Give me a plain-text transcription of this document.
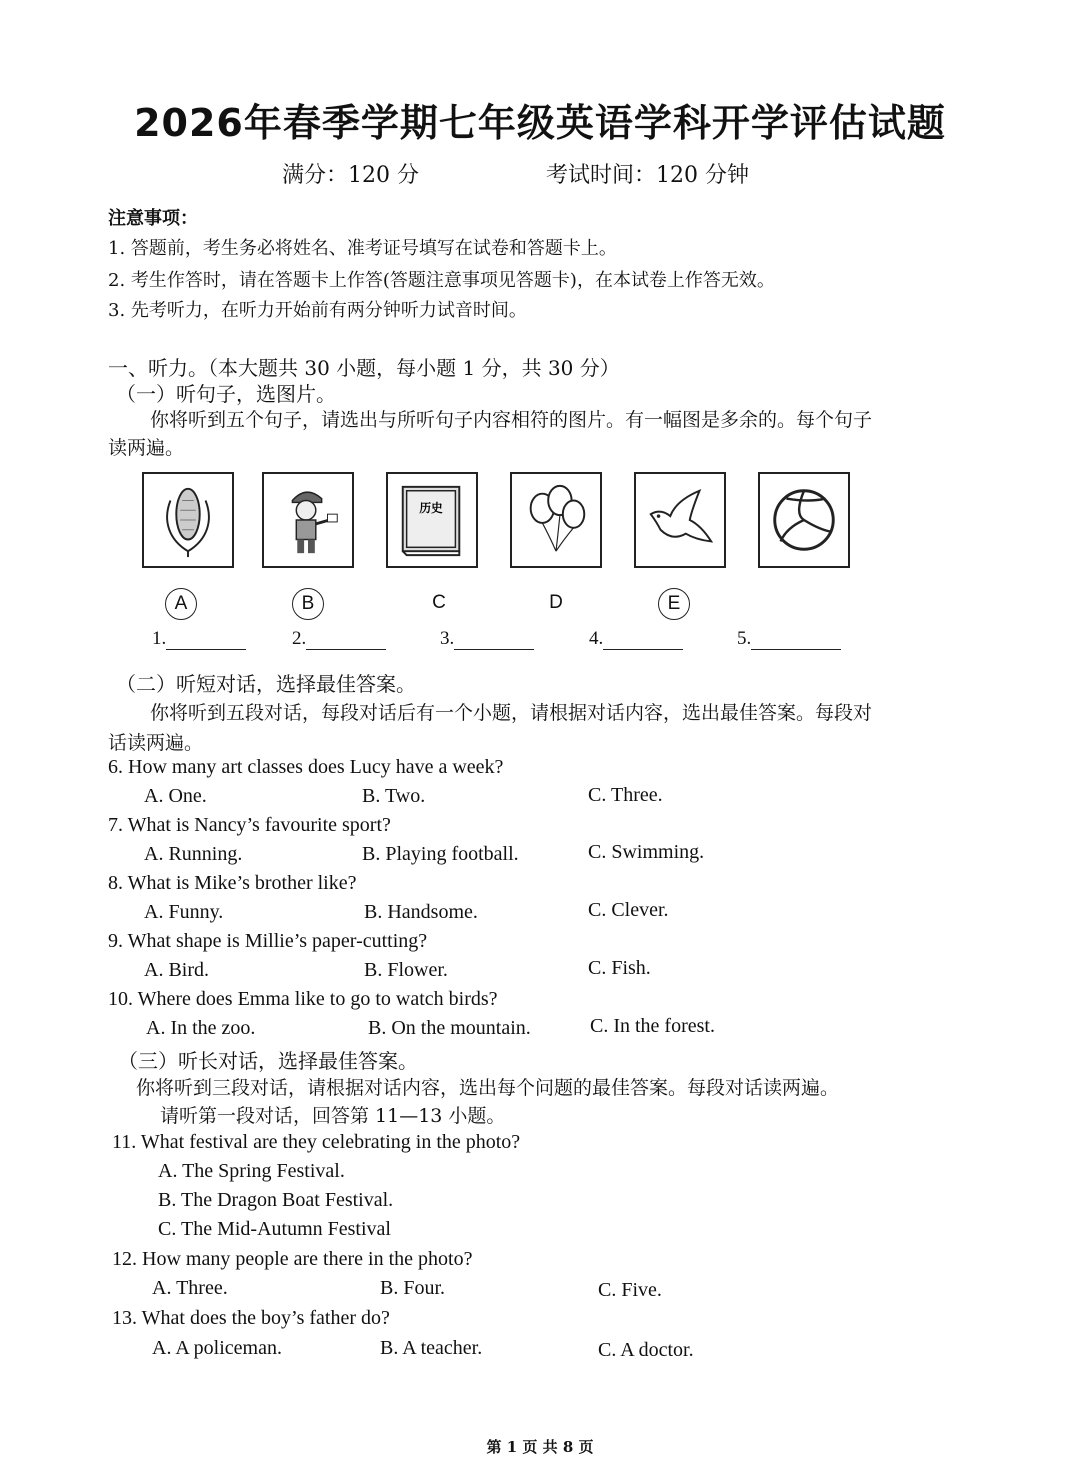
2026年春季学期七年级英语学科开学评估试题
满分：120 分	考试时间：120 分钟
注意事项：
1. 答题前，考生务必将姓名、准考证号填写在试卷和答题卡上。
2. 考生作答时，请在答题卡上作答(答题注意事项见答题卡)，在本试卷上作答无效。
3. 先考听力，在听力开始前有两分钟听力试音时间。
一、听力。（本大题共 30 小题，每小题 1 分，共 30 分）
（一）听句子，选图片。
你将听到五个句子，请选出与所听句子内容相符的图片。有一幅图是多余的。每个句子
读两遍。
历史
A	B	C	D	E
1.	2.	3.	4.	5.
（二）听短对话，选择最佳答案。
你将听到五段对话，每段对话后有一个小题，请根据对话内容，选出最佳答案。每段对
话读两遍。
6. How many art classes does Lucy have a week?
A. One.	B. Two.	C. Three.
7. What is Nancy’s favourite sport?
A. Running.	B. Playing football.	C. Swimming.
8. What is Mike’s brother like?
A. Funny.	B. Handsome.	C. Clever.
9. What shape is Millie’s paper-cutting?
A. Bird.	B. Flower.	C. Fish.
10. Where does Emma like to go to watch birds?
A. In the zoo.	B. On the mountain.	C. In the forest.
（三）听长对话，选择最佳答案。
你将听到三段对话，请根据对话内容，选出每个问题的最佳答案。每段对话读两遍。
请听第一段对话，回答第 11—13 小题。
11. What festival are they celebrating in the photo?
A. The Spring Festival.
B. The Dragon Boat Festival.
C. The Mid-Autumn Festival
12. How many people are there in the photo?
A. Three.	B. Four.	C. Five.
13. What does the boy’s father do?
A. A policeman.	B. A teacher.	C. A doctor.
第 1 页 共 8 页
